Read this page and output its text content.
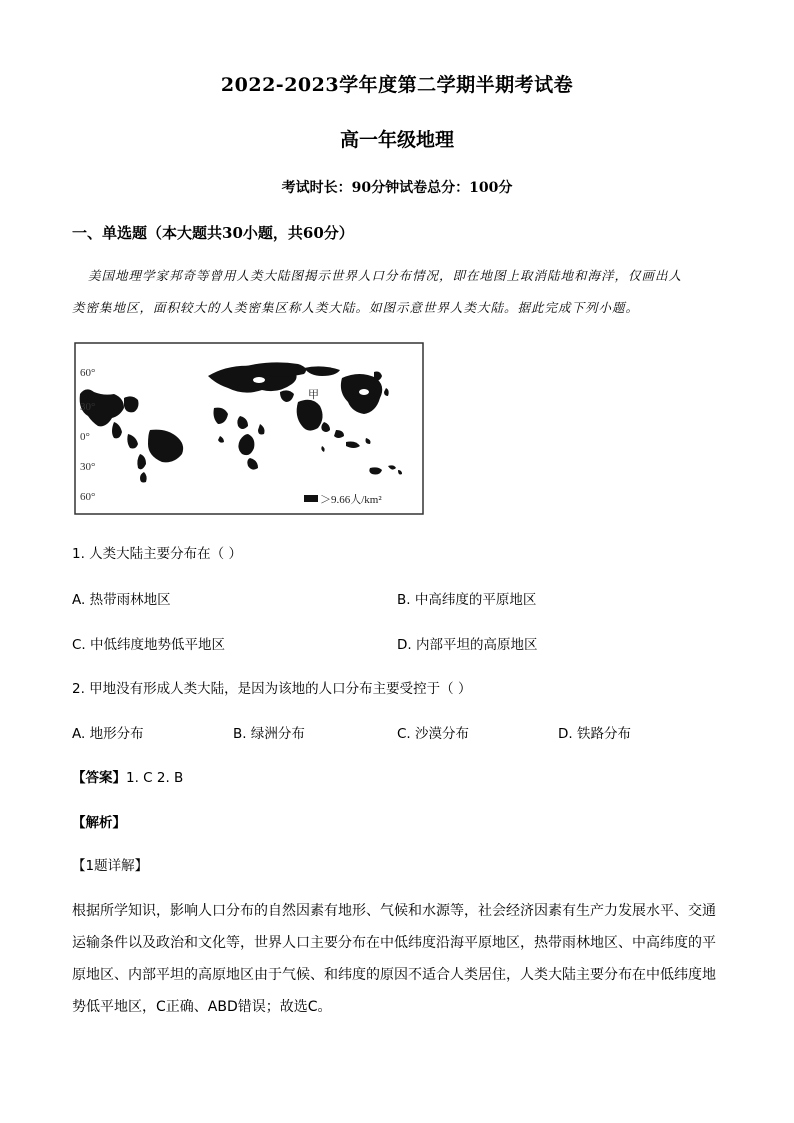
2022-2023学年度第二学期半期考试卷
高一年级地理
考试时长：90分钟试卷总分：100分
一、单选题（本大题共30小题，共60分）
美国地理学家邦奇等曾用人类大陆图揭示世界人口分布情况，即在地图上取消陆地和海洋，仅画出人
类密集地区，面积较大的人类密集区称人类大陆。如图示意世界人类大陆。据此完成下列小题。
60°
30°
0°
30°
60°
甲
＞9.66人/km²
1. 人类大陆主要分布在（ ）
A. 热带雨林地区	B. 中高纬度的平原地区
C. 中低纬度地势低平地区	D. 内部平坦的高原地区
2. 甲地没有形成人类大陆，是因为该地的人口分布主要受控于（ ）
A. 地形分布	B. 绿洲分布	C. 沙漠分布	D. 铁路分布
【答案】1. C 2. B
【解析】
【1题详解】
根据所学知识，影响人口分布的自然因素有地形、气候和水源等，社会经济因素有生产力发展水平、交通
运输条件以及政治和文化等，世界人口主要分布在中低纬度沿海平原地区，热带雨林地区、中高纬度的平
原地区、内部平坦的高原地区由于气候、和纬度的原因不适合人类居住，人类大陆主要分布在中低纬度地
势低平地区，C正确、ABD错误；故选C。
